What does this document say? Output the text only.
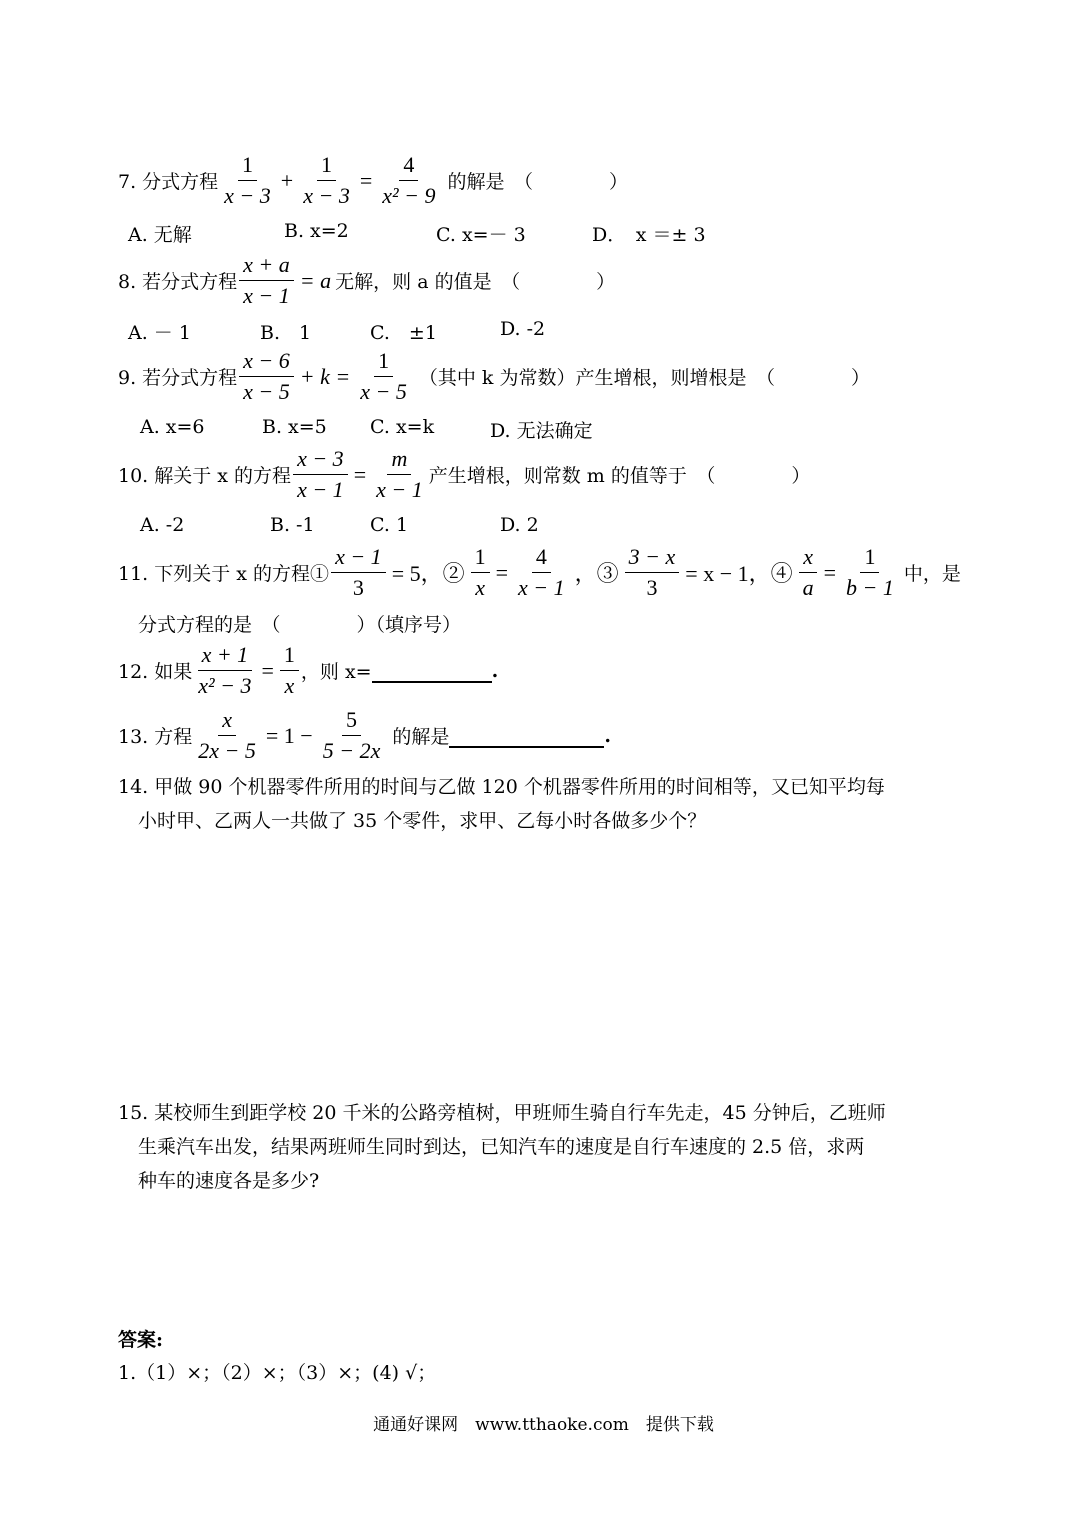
7. 分式方程 $\frac{1}{x - 3} + \frac{1}{x - 3} = \frac{4}{\text{x² − 9}}$ 的解是　（　　　　）
A. 无解	B. x=2	C. x=－ 3	D．　x ＝± 3
8. 若分式方程 $\frac{x + a}{x - 1} = a$ 无解，则 a 的值是　（　　　　）
A. － 1	B.　1	C.　±1	D. -2
9. 若分式方程 $\frac{x - 6}{x - 5} + k = \frac{1}{x - 5}$ （其中 k 为常数）产生增根，则增根是　（　　　　）
A. x=6	B. x=5 C. x=k	D. 无法确定
10. 解关于 x 的方程 $\frac{x - 3}{x - 1} = \frac{m}{x - 1}$ 产生增根，则常数 m 的值等于　（　　　　）
A. -2	B. -1	C. 1	D. 2
11. 下列关于 x 的方程① $\frac{x - 1}{3} = 5$，② $\frac{1}{x} = \frac{4}{x - 1}$ ，③ $\frac{3 - x}{3} = x - 1$，④ $\frac{x}{a} = \frac{1}{b - 1}$ 中，是
分式方程的是　（　　　　）（填序号）
12. 如果 $\frac{x + 1}{\text{x² − 3}} = \frac{1}{x}$ ，则 x=	.
13. 方程 $\frac{x}{2x - 5} = 1 - \frac{5}{5 - 2x}$ 的解是	.
14. 甲做 90 个机器零件所用的时间与乙做 120 个机器零件所用的时间相等，又已知平均每
小时甲、乙两人一共做了 35 个零件，求甲、乙每小时各做多少个？
15. 某校师生到距学校 20 千米的公路旁植树，甲班师生骑自行车先走，45 分钟后，乙班师
生乘汽车出发，结果两班师生同时到达，已知汽车的速度是自行车速度的 2.5 倍，求两
种车的速度各是多少?
答案:
1.（1）×；（2）×；（3）×；(4) √；
通通好课网　www.tthaoke.com　提供下载
